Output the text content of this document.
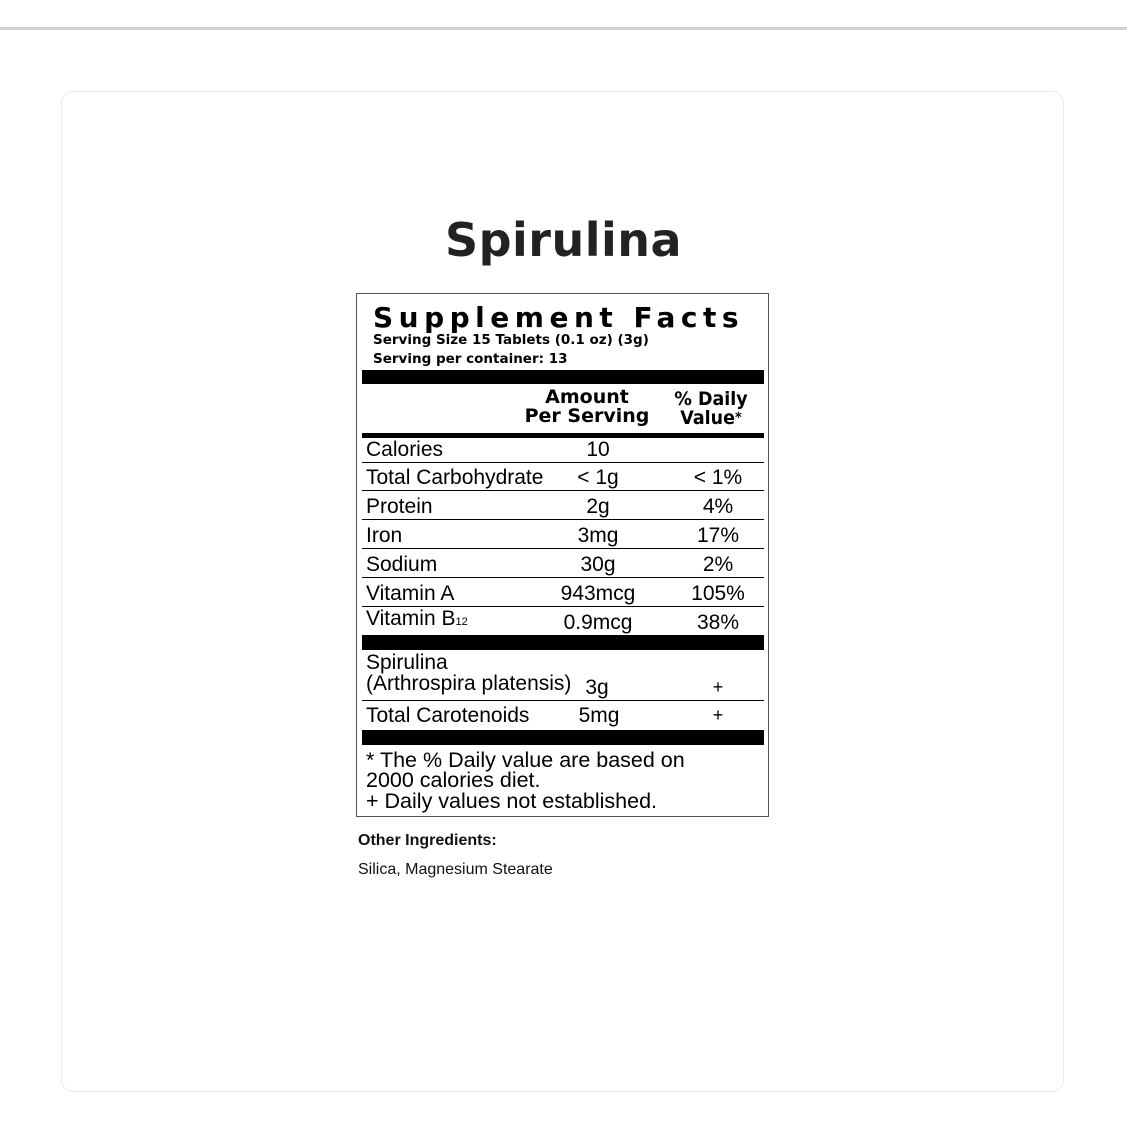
Spirulina
Supplement Facts
Serving Size 15 Tablets (0.1 oz) (3g)
Serving per container: 13
Amount
Per Serving
% Daily
Value*
Calories	10
Total Carbohydrate	< 1g	< 1%
Protein	2g	4%
Iron	3mg	17%
Sodium	30g	2%
Vitamin A	943mcg	105%
Vitamin B12	0.9mcg	38%
Spirulina
(Arthrospira platensis) 3g	+
Total Carotenoids	5mg	+
* The % Daily value are based on
2000 calories diet.
+ Daily values not established.
Other Ingredients:
Silica, Magnesium Stearate
